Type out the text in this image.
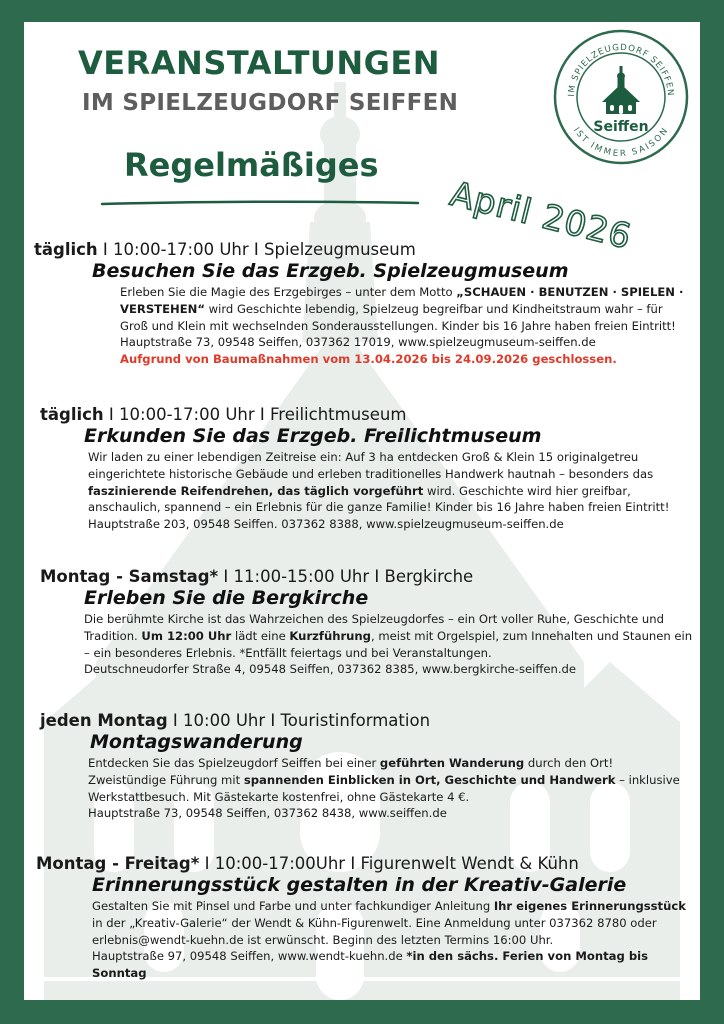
VERANSTALTUNGEN
IM SPIELZEUGDORF SEIFFEN
Regelmäßiges
April 2026
IM SPIELZEUGDORF SEIFFEN
IST IMMER SAISON
Seiffen
täglich I 10:00-17:00 Uhr I Spielzeugmuseum
Besuchen Sie das Erzgeb. Spielzeugmuseum
Erleben Sie die Magie des Erzgebirges – unter dem Motto „SCHAUEN · BENUTZEN · SPIELEN · VERSTEHEN“ wird Geschichte lebendig, Spielzeug begreifbar und Kindheitstraum wahr – für Groß und Klein mit wechselnden Sonderausstellungen. Kinder bis 16 Jahre haben freien Eintritt!
Hauptstraße 73, 09548 Seiffen, 037362 17019, www.spielzeugmuseum-seiffen.de
Aufgrund von Baumaßnahmen vom 13.04.2026 bis 24.09.2026 geschlossen.
täglich I 10:00-17:00 Uhr I Freilichtmuseum
Erkunden Sie das Erzgeb. Freilichtmuseum
Wir laden zu einer lebendigen Zeitreise ein: Auf 3 ha entdecken Groß & Klein 15 originalgetreu eingerichtete historische Gebäude und erleben traditionelles Handwerk hautnah – besonders das faszinierende Reifendrehen, das täglich vorgeführt wird. Geschichte wird hier greifbar, anschaulich, spannend – ein Erlebnis für die ganze Familie! Kinder bis 16 Jahre haben freien Eintritt!
Hauptstraße 203, 09548 Seiffen. 037362 8388, www.spielzeugmuseum-seiffen.de
Montag - Samstag* I 11:00-15:00 Uhr I Bergkirche
Erleben Sie die Bergkirche
Die berühmte Kirche ist das Wahrzeichen des Spielzeugdorfes – ein Ort voller Ruhe, Geschichte und Tradition. Um 12:00 Uhr lädt eine Kurzführung, meist mit Orgelspiel, zum Innehalten und Staunen ein – ein besonderes Erlebnis. *Entfällt feiertags und bei Veranstaltungen.
Deutschneudorfer Straße 4, 09548 Seiffen, 037362 8385, www.bergkirche-seiffen.de
jeden Montag I 10:00 Uhr I Touristinformation
Montagswanderung
Entdecken Sie das Spielzeugdorf Seiffen bei einer geführten Wanderung durch den Ort! Zweistündige Führung mit spannenden Einblicken in Ort, Geschichte und Handwerk – inklusive Werkstattbesuch. Mit Gästekarte kostenfrei, ohne Gästekarte 4 €.
Hauptstraße 73, 09548 Seiffen, 037362 8438, www.seiffen.de
Montag - Freitag* I 10:00-17:00Uhr I Figurenwelt Wendt & Kühn
Erinnerungsstück gestalten in der Kreativ-Galerie
Gestalten Sie mit Pinsel und Farbe und unter fachkundiger Anleitung Ihr eigenes Erinnerungsstück in der „Kreativ-Galerie“ der Wendt & Kühn-Figurenwelt. Eine Anmeldung unter 037362 8780 oder erlebnis@wendt-kuehn.de ist erwünscht. Beginn des letzten Termins 16:00 Uhr.
Hauptstraße 97, 09548 Seiffen, www.wendt-kuehn.de *in den sächs. Ferien von Montag bis Sonntag
